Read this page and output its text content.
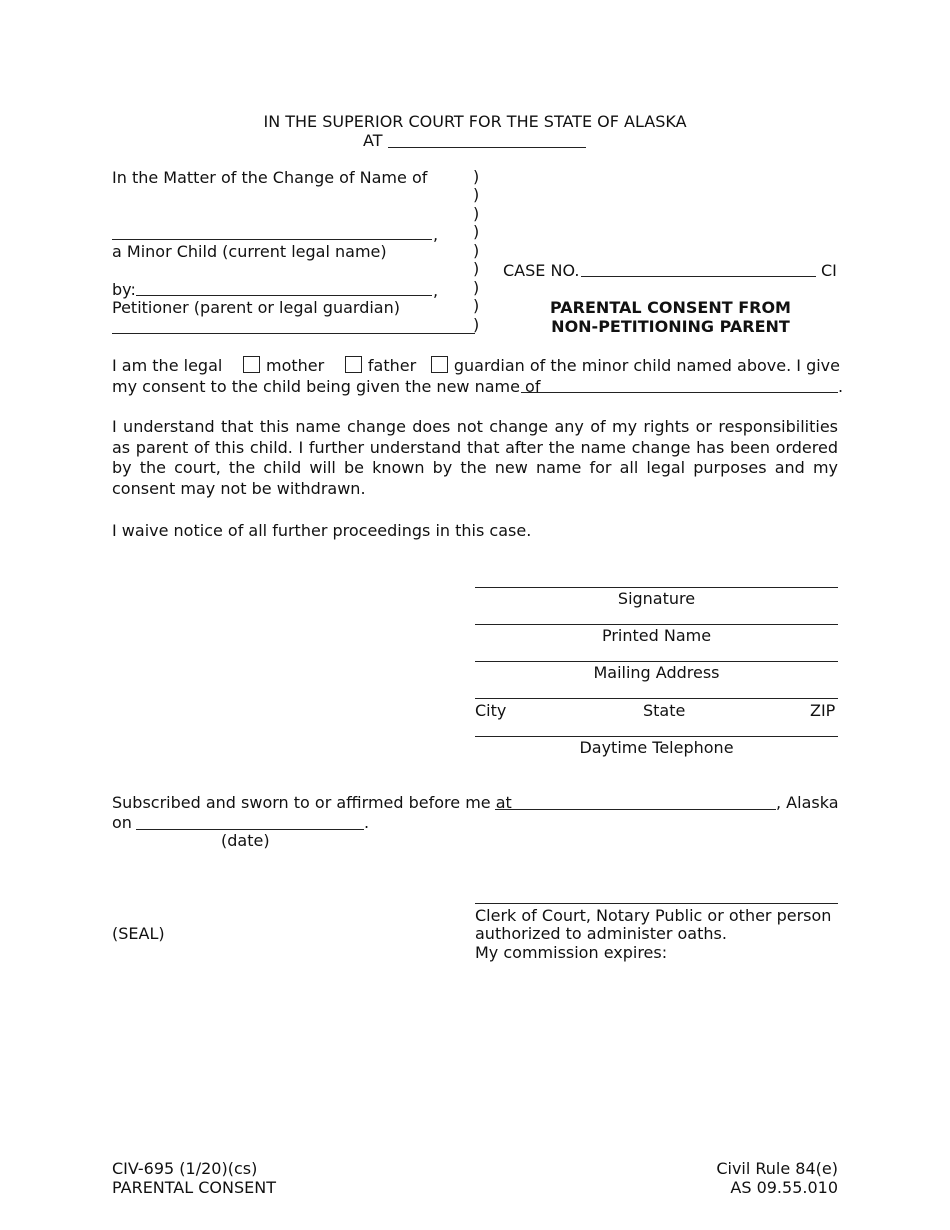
IN THE SUPERIOR COURT FOR THE STATE OF ALASKA
AT
In the Matter of the Change of Name of
,
a Minor Child (current legal name)
by:	,
Petitioner (parent or legal guardian)
)
)
)
)
)
)
)
)
)
CASE NO.	CI
PARENTAL CONSENT FROM
NON-PETITIONING PARENT
I am the legal	mother	father	guardian of the minor child named above. I give
my consent to the child being given the new name of	.
I understand that this name change does not change any of my rights or responsibilities as parent of this child. I further understand that after the name change has been ordered by the court, the child will be known by the new name for all legal purposes and my consent may not be withdrawn.
I waive notice of all further proceedings in this case.
Signature
Printed Name
Mailing Address
City	State	ZIP
Daytime Telephone
Subscribed and sworn to or affirmed before me at	, Alaska
on	.
(date)
Clerk of Court, Notary Public or other person
authorized to administer oaths.
My commission expires:
(SEAL)
CIV-695 (1/20)(cs)
PARENTAL CONSENT
Civil Rule 84(e)
AS 09.55.010
